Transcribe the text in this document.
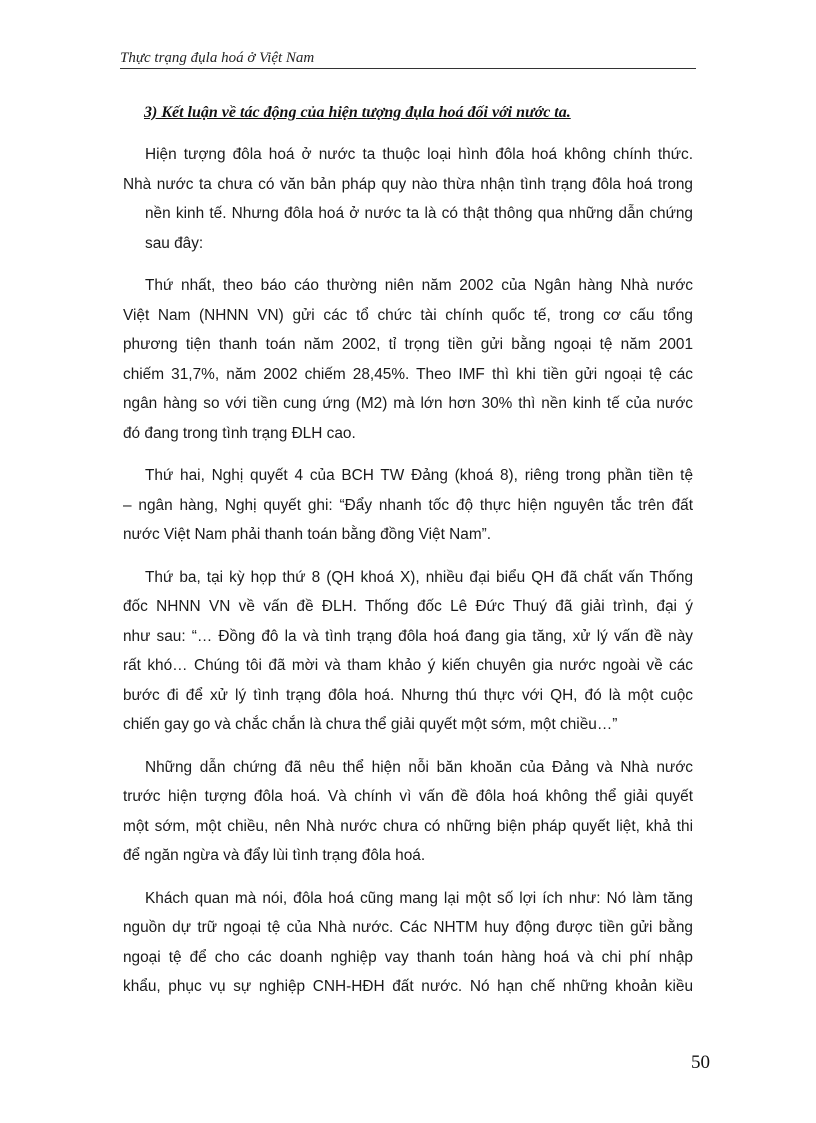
Thực trạng đụla hoá ở Việt Nam
3) Kết luận về tác động của hiện tượng đụla hoá đối với nước ta.
Hiện tượng đôla hoá ở nước ta thuộc loại hình đôla hoá không chính thức.
Nhà nước ta chưa có văn bản pháp quy nào thừa nhận tình trạng đôla hoá trong
nền kinh tế. Nhưng đôla hoá ở nước ta là có thật thông qua những dẫn chứng
sau đây:
Thứ nhất, theo báo cáo thường niên năm 2002 của Ngân hàng Nhà nước
Việt Nam (NHNN VN) gửi các tổ chức tài chính quốc tế, trong cơ cấu tổng
phương tiện thanh toán năm 2002, tỉ trọng tiền gửi bằng ngoại tệ năm 2001
chiếm 31,7%, năm 2002 chiếm 28,45%. Theo IMF thì khi tiền gửi ngoại tệ các
ngân hàng so với tiền cung ứng (M2) mà lớn hơn 30% thì nền kinh tế của nước
đó đang trong tình trạng ĐLH cao.
Thứ hai, Nghị quyết 4 của BCH TW Đảng (khoá 8), riêng trong phần tiền tệ
– ngân hàng, Nghị quyết ghi: “Đẩy nhanh tốc độ thực hiện nguyên tắc trên đất
nước Việt Nam phải thanh toán bằng đồng Việt Nam”.
Thứ ba, tại kỳ họp thứ 8 (QH khoá X), nhiều đại biểu QH đã chất vấn Thống
đốc NHNN VN về vấn đề ĐLH. Thống đốc Lê Đức Thuý đã giải trình, đại ý
như sau: “… Đồng đô la và tình trạng đôla hoá đang gia tăng, xử lý vấn đề này
rất khó… Chúng tôi đã mời và tham khảo ý kiến chuyên gia nước ngoài về các
bước đi để xử lý tình trạng đôla hoá. Nhưng thú thực với QH, đó là một cuộc
chiến gay go và chắc chắn là chưa thể giải quyết một sớm, một chiều…”
Những dẫn chứng đã nêu thể hiện nỗi băn khoăn của Đảng và Nhà nước
trước hiện tượng đôla hoá. Và chính vì vấn đề đôla hoá không thể giải quyết
một sớm, một chiều, nên Nhà nước chưa có những biện pháp quyết liệt, khả thi
để ngăn ngừa và đẩy lùi tình trạng đôla hoá.
Khách quan mà nói, đôla hoá cũng mang lại một số lợi ích như: Nó làm tăng
nguồn dự trữ ngoại tệ của Nhà nước. Các NHTM huy động được tiền gửi bằng
ngoại tệ để cho các doanh nghiệp vay thanh toán hàng hoá và chi phí nhập
khẩu, phục vụ sự nghiệp CNH-HĐH đất nước. Nó hạn chế những khoản kiều
50
